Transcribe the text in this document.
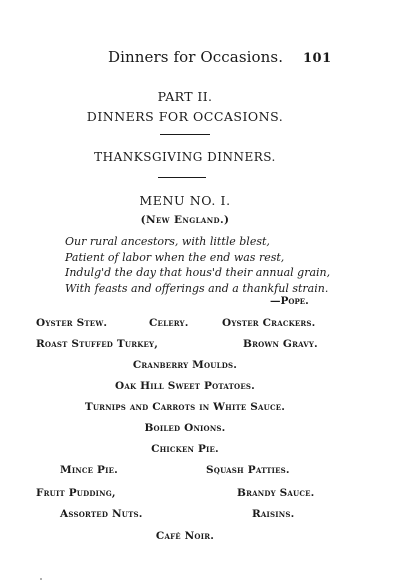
Dinners for Occasions. 101
PART II.
DINNERS FOR OCCASIONS.
THANKSGIVING DINNERS.
MENU NO. I.
(New England.)
Our rural ancestors, with little blest,
Patient of labor when the end was rest,
Indulg'd the day that hous'd their annual grain,
With feasts and offerings and a thankful strain.
—Pope.
Oyster Stew.	Celery.	Oyster Crackers.
Roast Stuffed Turkey,	Brown Gravy.
Cranberry Moulds.
Oak Hill Sweet Potatoes.
Turnips and Carrots in White Sauce.
Boiled Onions.
Chicken Pie.
Mince Pie.	Squash Patties.
Fruit Pudding,	Brandy Sauce.
Assorted Nuts.	Raisins.
Café Noir.
